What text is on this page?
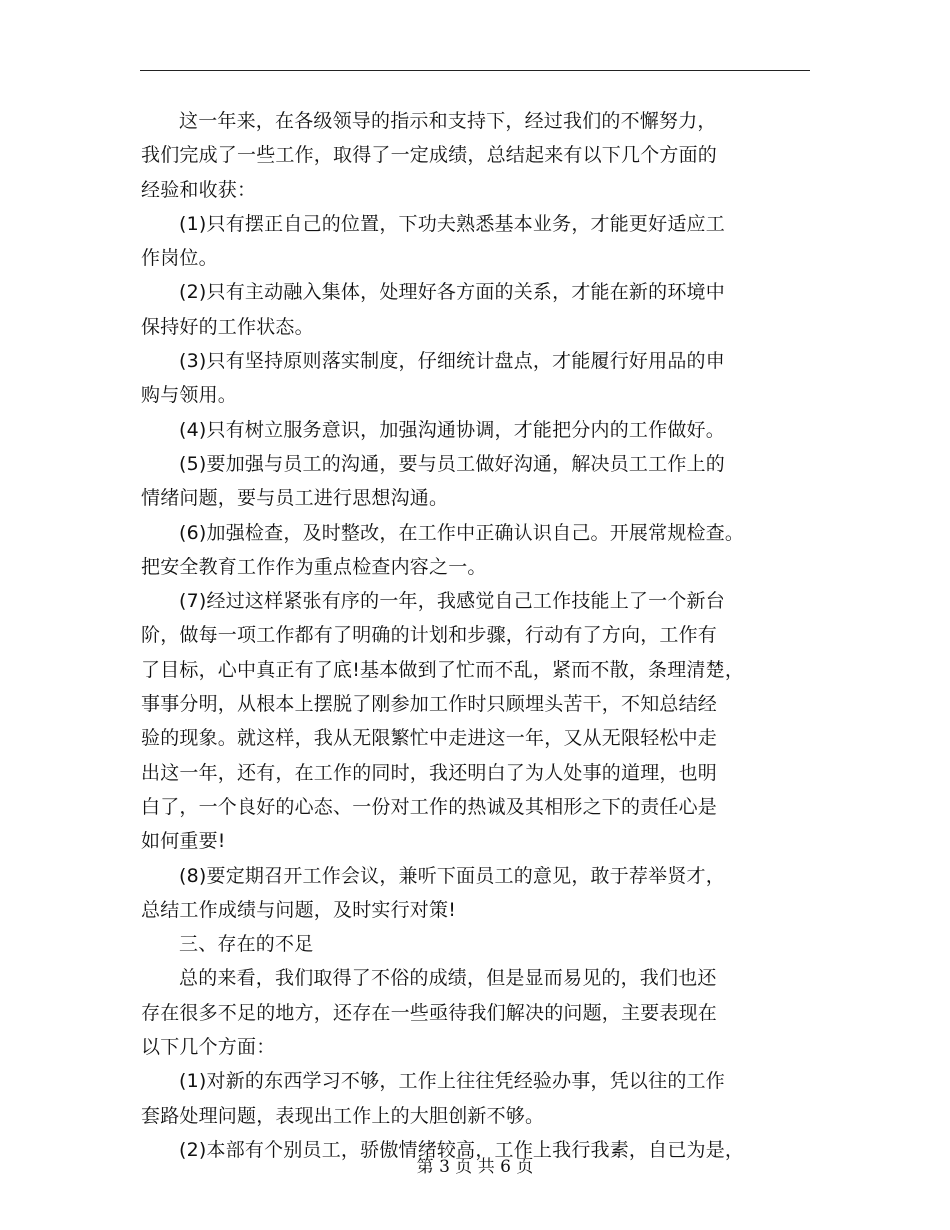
这一年来，在各级领导的指示和支持下，经过我们的不懈努力，
我们完成了一些工作，取得了一定成绩，总结起来有以下几个方面的
经验和收获：

(1)只有摆正自己的位置，下功夫熟悉基本业务，才能更好适应工
作岗位。

(2)只有主动融入集体，处理好各方面的关系，才能在新的环境中
保持好的工作状态。

(3)只有坚持原则落实制度，仔细统计盘点，才能履行好用品的申
购与领用。

(4)只有树立服务意识，加强沟通协调，才能把分内的工作做好。

(5)要加强与员工的沟通，要与员工做好沟通，解决员工工作上的
情绪问题，要与员工进行思想沟通。

(6)加强检查，及时整改，在工作中正确认识自己。开展常规检查。
把安全教育工作作为重点检查内容之一。

(7)经过这样紧张有序的一年，我感觉自己工作技能上了一个新台
阶，做每一项工作都有了明确的计划和步骤，行动有了方向，工作有
了目标，心中真正有了底!基本做到了忙而不乱，紧而不散，条理清楚，
事事分明，从根本上摆脱了刚参加工作时只顾埋头苦干，不知总结经
验的现象。就这样，我从无限繁忙中走进这一年，又从无限轻松中走
出这一年，还有，在工作的同时，我还明白了为人处事的道理，也明
白了，一个良好的心态、一份对工作的热诚及其相形之下的责任心是
如何重要!

(8)要定期召开工作会议，兼听下面员工的意见，敢于荐举贤才，
总结工作成绩与问题，及时实行对策!

三、存在的不足

总的来看，我们取得了不俗的成绩，但是显而易见的，我们也还
存在很多不足的地方，还存在一些亟待我们解决的问题，主要表现在
以下几个方面：

(1)对新的东西学习不够，工作上往往凭经验办事，凭以往的工作
套路处理问题，表现出工作上的大胆创新不够。

(2)本部有个别员工，骄傲情绪较高，工作上我行我素，自已为是，

第 3 页 共 6 页
